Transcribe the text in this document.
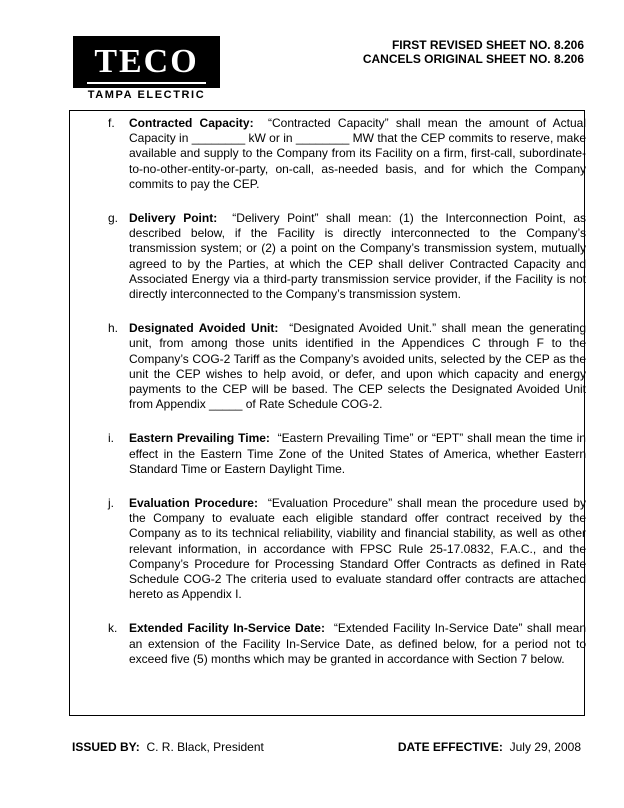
TECO
TAMPA ELECTRIC
FIRST REVISED SHEET NO. 8.206
CANCELS ORIGINAL SHEET NO. 8.206
f. Contracted Capacity: “Contracted Capacity” shall mean the amount of Actual Capacity in ________ kW or in ________ MW that the CEP commits to reserve, make available and supply to the Company from its Facility on a firm, first-call, subordinate-to-no-other-entity-or-party, on-call, as-needed basis, and for which the Company commits to pay the CEP.
g. Delivery Point: “Delivery Point” shall mean: (1) the Interconnection Point, as described below, if the Facility is directly interconnected to the Company’s transmission system; or (2) a point on the Company’s transmission system, mutually agreed to by the Parties, at which the CEP shall deliver Contracted Capacity and Associated Energy via a third-party transmission service provider, if the Facility is not directly interconnected to the Company’s transmission system.
h. Designated Avoided Unit: “Designated Avoided Unit.” shall mean the generating unit, from among those units identified in the Appendices C through F to the Company’s COG-2 Tariff as the Company’s avoided units, selected by the CEP as the unit the CEP wishes to help avoid, or defer, and upon which capacity and energy payments to the CEP will be based. The CEP selects the Designated Avoided Unit from Appendix _____ of Rate Schedule COG-2.
i. Eastern Prevailing Time: “Eastern Prevailing Time” or “EPT” shall mean the time in effect in the Eastern Time Zone of the United States of America, whether Eastern Standard Time or Eastern Daylight Time.
j. Evaluation Procedure: “Evaluation Procedure” shall mean the procedure used by the Company to evaluate each eligible standard offer contract received by the Company as to its technical reliability, viability and financial stability, as well as other relevant information, in accordance with FPSC Rule 25-17.0832, F.A.C., and the Company’s Procedure for Processing Standard Offer Contracts as defined in Rate Schedule COG-2 The criteria used to evaluate standard offer contracts are attached hereto as Appendix I.
k. Extended Facility In-Service Date: “Extended Facility In-Service Date” shall mean an extension of the Facility In-Service Date, as defined below, for a period not to exceed five (5) months which may be granted in accordance with Section 7 below.
ISSUED BY: C. R. Black, President	DATE EFFECTIVE: July 29, 2008
